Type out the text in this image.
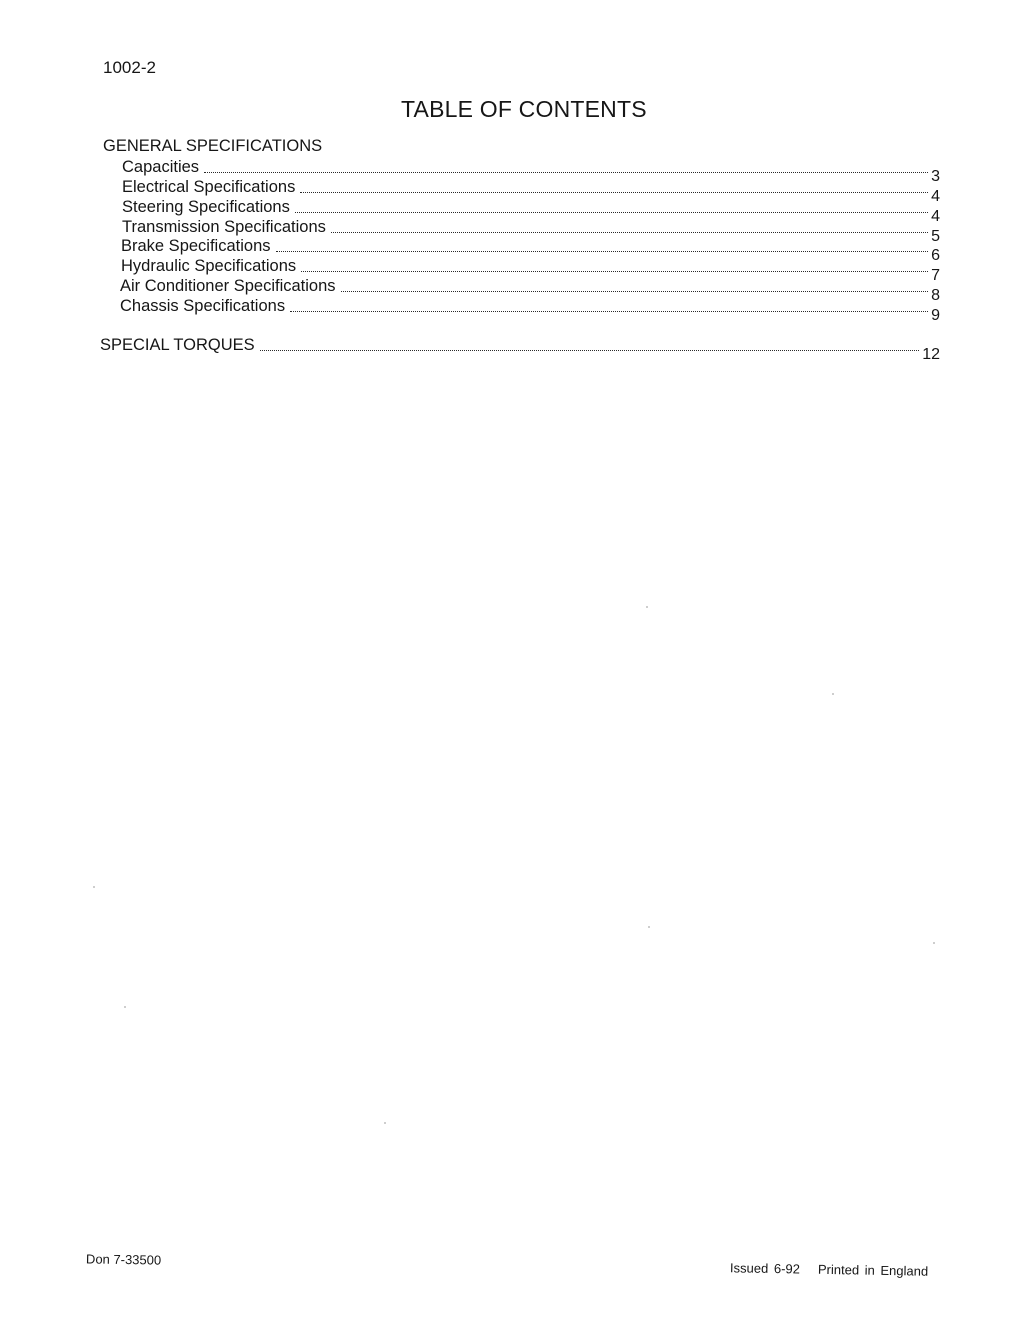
1002-2
TABLE OF CONTENTS
GENERAL SPECIFICATIONS
Capacities
3
Electrical Specifications
4
Steering Specifications
4
Transmission Specifications
5
Brake Specifications
6
Hydraulic Specifications
7
Air Conditioner Specifications
8
Chassis Specifications
9
SPECIAL TORQUES
12
Don 7-33500
Issued 6-92 Printed in England
